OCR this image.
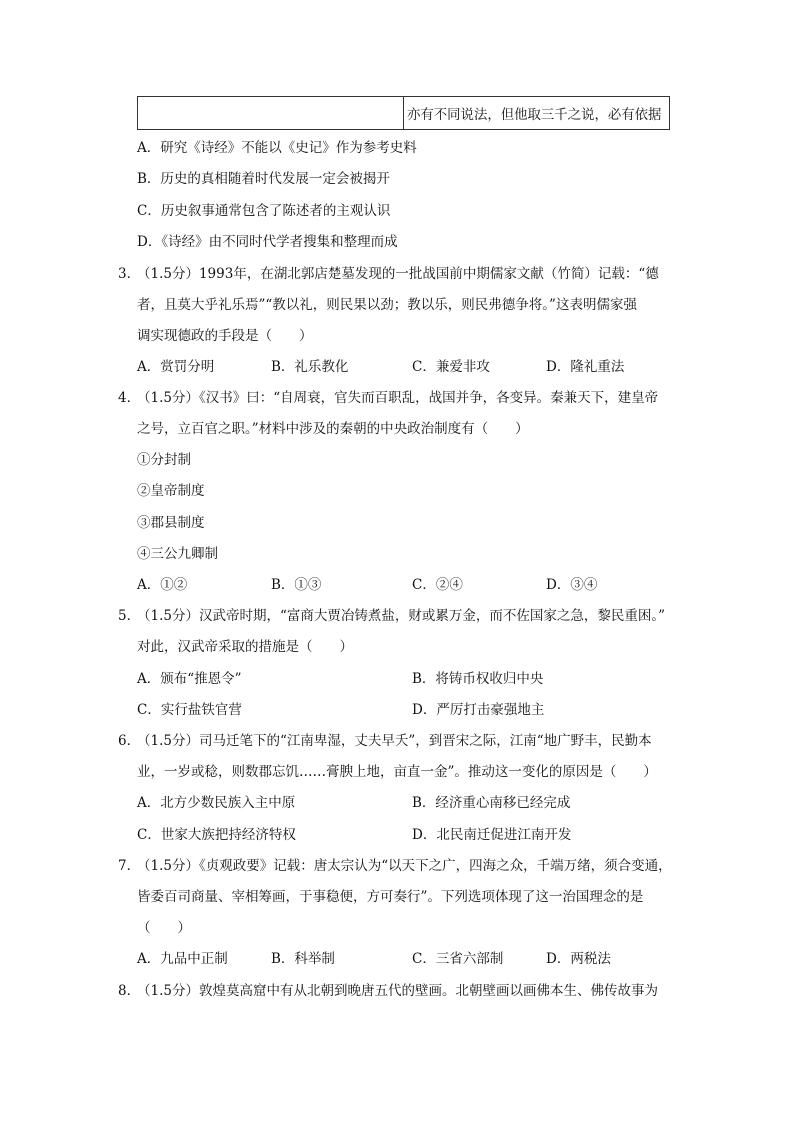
亦有不同说法，但他取三千之说，必有依据
A．研究《诗经》不能以《史记》作为参考史料
B．历史的真相随着时代发展一定会被揭开
C．历史叙事通常包含了陈述者的主观认识
D．《诗经》由不同时代学者搜集和整理而成
3．
（1.5分）1993年，在湖北郭店楚墓发现的一批战国前中期儒家文献（竹简）记载：“德
者，且莫大乎礼乐焉”“教以礼，则民果以劲；教以乐，则民弗德争将。”这表明儒家强
调实现德政的手段是（　　）
A．赏罚分明	B．礼乐教化	C．兼爱非攻	D．隆礼重法
4．
（1.5分）《汉书》曰：“自周衰，官失而百职乱，战国并争，各变异。秦兼天下，建皇帝
之号，立百官之职。”材料中涉及的秦朝的中央政治制度有（　　）
①分封制
②皇帝制度
③郡县制度
④三公九卿制
A．①②	B．①③	C．②④	D．③④
5．
（1.5分）汉武帝时期，“富商大贾冶铸煮盐，财或累万金，而不佐国家之急，黎民重困。”
对此，汉武帝采取的措施是（　　）
A．颁布“推恩令”	B．将铸币权收归中央
C．实行盐铁官营	D．严厉打击豪强地主
6．
（1.5分）司马迁笔下的“江南卑湿，丈夫早夭”，到晋宋之际，江南“地广野丰，民勤本
业，一岁或稔，则数郡忘饥……膏腴上地，亩直一金”。推动这一变化的原因是（　　）
A．北方少数民族入主中原	B．经济重心南移已经完成
C．世家大族把持经济特权	D．北民南迁促进江南开发
7．
（1.5分）《贞观政要》记载：唐太宗认为“以天下之广，四海之众，千端万绪，须合变通，
皆委百司商量、宰相筹画，于事稳便，方可奏行”。下列选项体现了这一治国理念的是
（　　）
A．九品中正制	B．科举制	C．三省六部制	D．两税法
8．
（1.5分）敦煌莫高窟中有从北朝到晚唐五代的壁画。北朝壁画以画佛本生、佛传故事为
